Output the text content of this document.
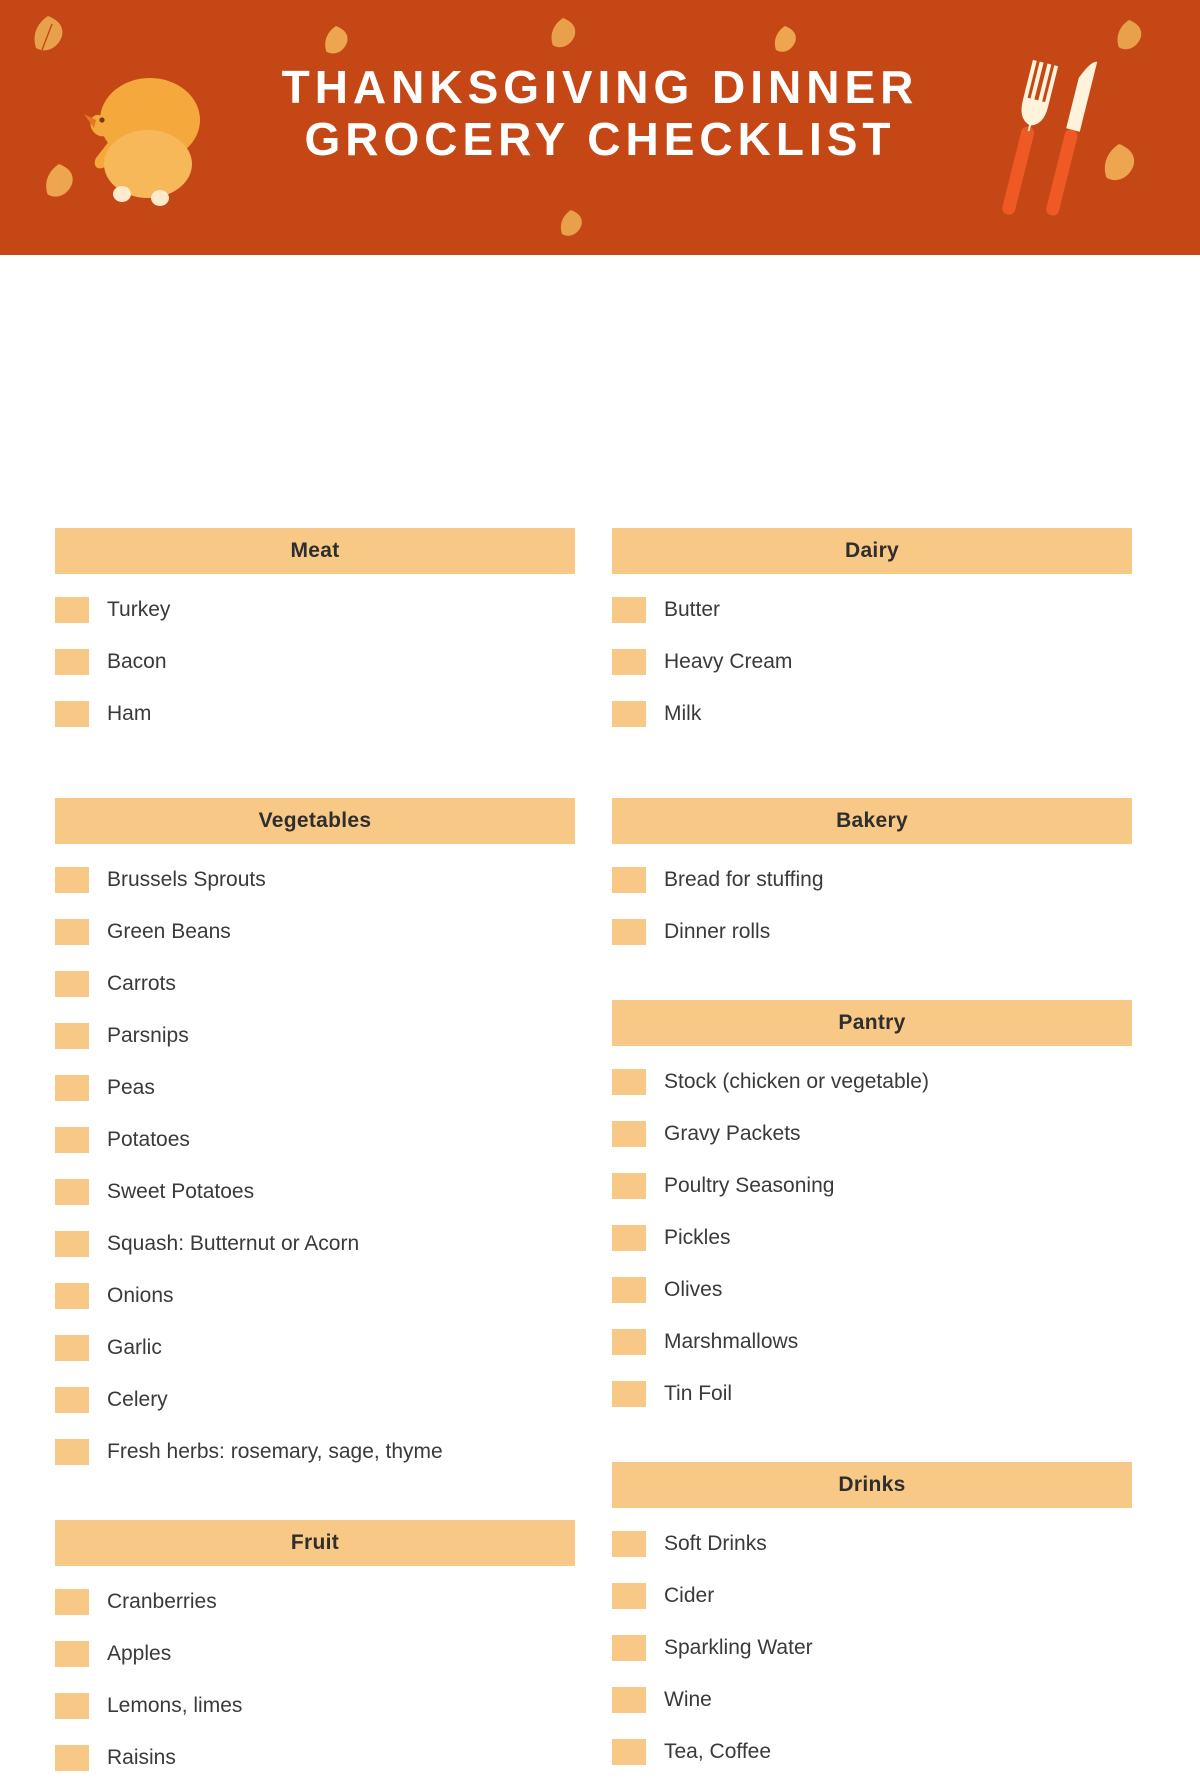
THANKSGIVING DINNER
GROCERY CHECKLIST
Meat
Turkey
Bacon
Ham
Vegetables
Brussels Sprouts
Green Beans
Carrots
Parsnips
Peas
Potatoes
Sweet Potatoes
Squash: Butternut or Acorn
Onions
Garlic
Celery
Fresh herbs: rosemary, sage, thyme
Fruit
Cranberries
Apples
Lemons, limes
Raisins
Dairy
Butter
Heavy Cream
Milk
Bakery
Bread for stuffing
Dinner rolls
Pantry
Stock (chicken or vegetable)
Gravy Packets
Poultry Seasoning
Pickles
Olives
Marshmallows
Tin Foil
Drinks
Soft Drinks
Cider
Sparkling Water
Wine
Tea, Coffee
